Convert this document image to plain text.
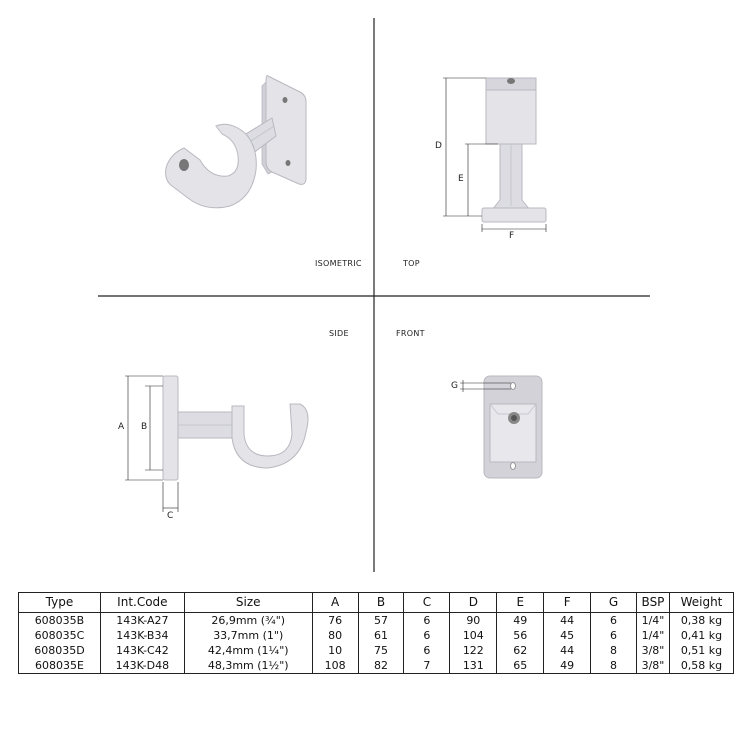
ISOMETRIC	TOP
SIDE	FRONT
D
E
F
A B
C
G
Type	Int.Code	Size	A	B	C	D	E	F	G	BSP	Weight
608035B	143K-A27	26,9mm (¾")	76	57	6	90	49	44	6	1/4"	0,38 kg
608035C	143K-B34	33,7mm (1")	80	61	6	104	56	45	6	1/4"	0,41 kg
608035D	143K-C42	42,4mm (1¼")	10	75	6	122	62	44	8	3/8"	0,51 kg
608035E	143K-D48	48,3mm (1½")	108	82	7	131	65	49	8	3/8"	0,58 kg
